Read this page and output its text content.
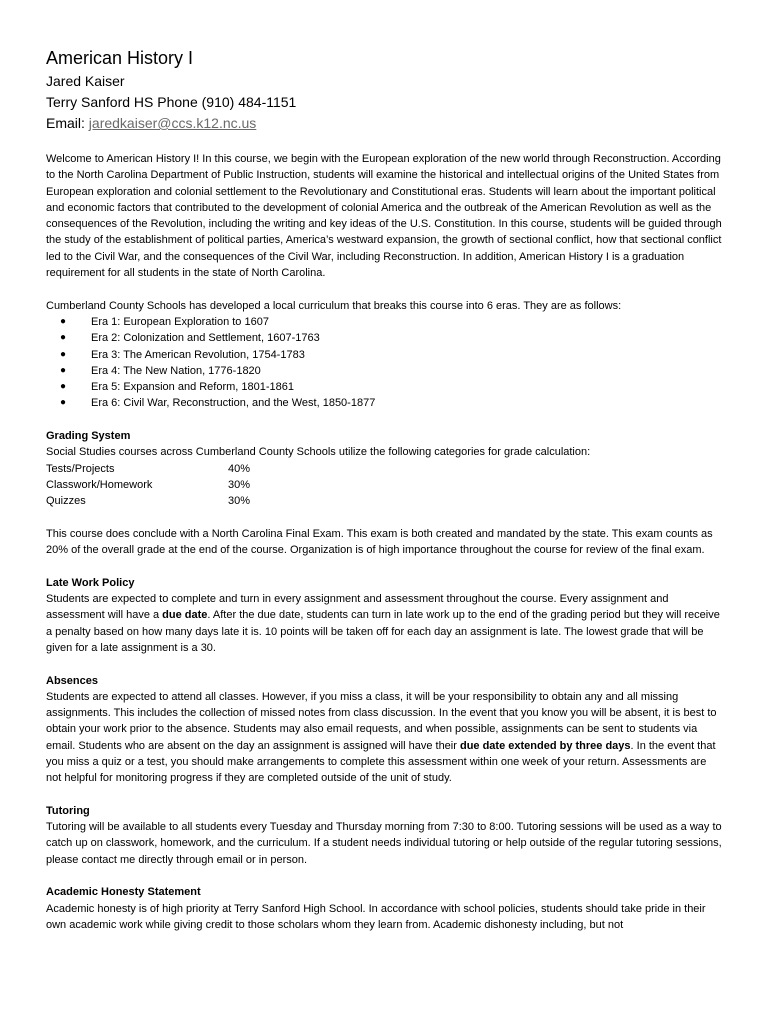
American History I
Jared Kaiser
Terry Sanford HS Phone (910) 484-1151
Email: jaredkaiser@ccs.k12.nc.us

Welcome to American History I! In this course, we begin with the European exploration of the new world through Reconstruction. According to the North Carolina Department of Public Instruction, students will examine the historical and intellectual origins of the United States from European exploration and colonial settlement to the Revolutionary and Constitutional eras. Students will learn about the important political and economic factors that contributed to the development of colonial America and the outbreak of the American Revolution as well as the consequences of the Revolution, including the writing and key ideas of the U.S. Constitution. In this course, students will be guided through the study of the establishment of political parties, America’s westward expansion, the growth of sectional conflict, how that sectional conflict led to the Civil War, and the consequences of the Civil War, including Reconstruction. In addition, American History I is a graduation requirement for all students in the state of North Carolina.

Cumberland County Schools has developed a local curriculum that breaks this course into 6 eras. They are as follows:
● Era 1: European Exploration to 1607
● Era 2: Colonization and Settlement, 1607-1763
● Era 3: The American Revolution, 1754-1783
● Era 4: The New Nation, 1776-1820
● Era 5: Expansion and Reform, 1801-1861
● Era 6: Civil War, Reconstruction, and the West, 1850-1877
Grading System
Social Studies courses across Cumberland County Schools utilize the following categories for grade calculation:
Tests/Projects	40%
Classwork/Homework	30%
Quizzes	30%

This course does conclude with a North Carolina Final Exam. This exam is both created and mandated by the state. This exam counts as 20% of the overall grade at the end of the course. Organization is of high importance throughout the course for review of the final exam.

Late Work Policy

Students are expected to complete and turn in every assignment and assessment throughout the course. Every assignment and assessment will have a due date. After the due date, students can turn in late work up to the end of the grading period but they will receive a penalty based on how many days late it is. 10 points will be taken off for each day an assignment is late. The lowest grade that will be given for a late assignment is a 30.

Absences

Students are expected to attend all classes. However, if you miss a class, it will be your responsibility to obtain any and all missing assignments. This includes the collection of missed notes from class discussion. In the event that you know you will be absent, it is best to obtain your work prior to the absence. Students may also email requests, and when possible, assignments can be sent to students via email. Students who are absent on the day an assignment is assigned will have their due date extended by three days. In the event that you miss a quiz or a test, you should make arrangements to complete this assessment within one week of your return. Assessments are not helpful for monitoring progress if they are completed outside of the unit of study.

Tutoring

Tutoring will be available to all students every Tuesday and Thursday morning from 7:30 to 8:00. Tutoring sessions will be used as a way to catch up on classwork, homework, and the curriculum. If a student needs individual tutoring or help outside of the regular tutoring sessions, please contact me directly through email or in person.

Academic Honesty Statement

Academic honesty is of high priority at Terry Sanford High School. In accordance with school policies, students should take pride in their own academic work while giving credit to those scholars whom they learn from. Academic dishonesty including, but not
